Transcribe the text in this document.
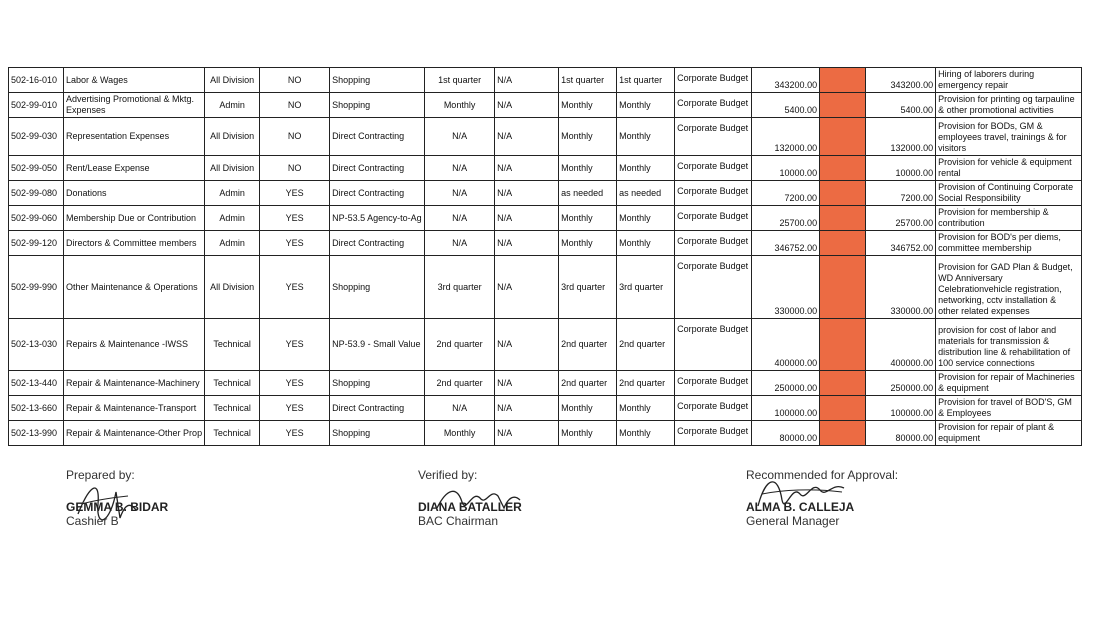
502-16-010	Labor & Wages	All Division	NO	Shopping	1st quarter	N/A	1st quarter	1st quarter	Corporate Budget	343200.00		343200.00	Hiring of laborers during emergency repair
502-99-010	Advertising Promotional & Mktg. Expenses	Admin	NO	Shopping	Monthly	N/A	Monthly	Monthly	Corporate Budget	5400.00		5400.00	Provision for printing og tarpauline & other promotional activities
502-99-030	Representation Expenses	All Division	NO	Direct Contracting	N/A	N/A	Monthly	Monthly	Corporate Budget	132000.00		132000.00	Provision for BODs, GM & employees travel, trainings & for visitors
502-99-050	Rent/Lease Expense	All Division	NO	Direct Contracting	N/A	N/A	Monthly	Monthly	Corporate Budget	10000.00		10000.00	Provision for vehicle & equipment rental
502-99-080	Donations	Admin	YES	Direct Contracting	N/A	N/A	as needed	as needed	Corporate Budget	7200.00		7200.00	Provision of Continuing Corporate Social Responsibility
502-99-060	Membership Due or Contribution	Admin	YES	NP-53.5 Agency-to-Ag	N/A	N/A	Monthly	Monthly	Corporate Budget	25700.00		25700.00	Provision for membership & contribution
502-99-120	Directors & Committee members	Admin	YES	Direct Contracting	N/A	N/A	Monthly	Monthly	Corporate Budget	346752.00		346752.00	Provision for BOD's per diems, committee membership
502-99-990	Other Maintenance & Operations	All Division	YES	Shopping	3rd quarter	N/A	3rd quarter	3rd quarter	Corporate Budget	330000.00		330000.00	Provision for GAD Plan & Budget, WD Anniversary Celebrationvehicle registration, networking, cctv installation & other related expenses
502-13-030	Repairs & Maintenance -IWSS	Technical	YES	NP-53.9 - Small Value	2nd quarter	N/A	2nd quarter	2nd quarter	Corporate Budget	400000.00		400000.00	provision for cost of labor and materials for transmission & distribution line & rehabilitation of 100 service connections
502-13-440	Repair & Maintenance-Machinery	Technical	YES	Shopping	2nd quarter	N/A	2nd quarter	2nd quarter	Corporate Budget	250000.00		250000.00	Provision for repair of Machineries & equipment
502-13-660	Repair & Maintenance-Transport	Technical	YES	Direct Contracting	N/A	N/A	Monthly	Monthly	Corporate Budget	100000.00		100000.00	Provision for travel of BOD'S, GM & Employees
502-13-990	Repair & Maintenance-Other Prop	Technical	YES	Shopping	Monthly	N/A	Monthly	Monthly	Corporate Budget	80000.00		80000.00	Provision for repair of plant & equipment
Prepared by:
GEMMA B. BIDAR
Cashier B
Verified by:
DIANA BATALLER
BAC Chairman
Recommended for Approval:
ALMA B. CALLEJA
General Manager
